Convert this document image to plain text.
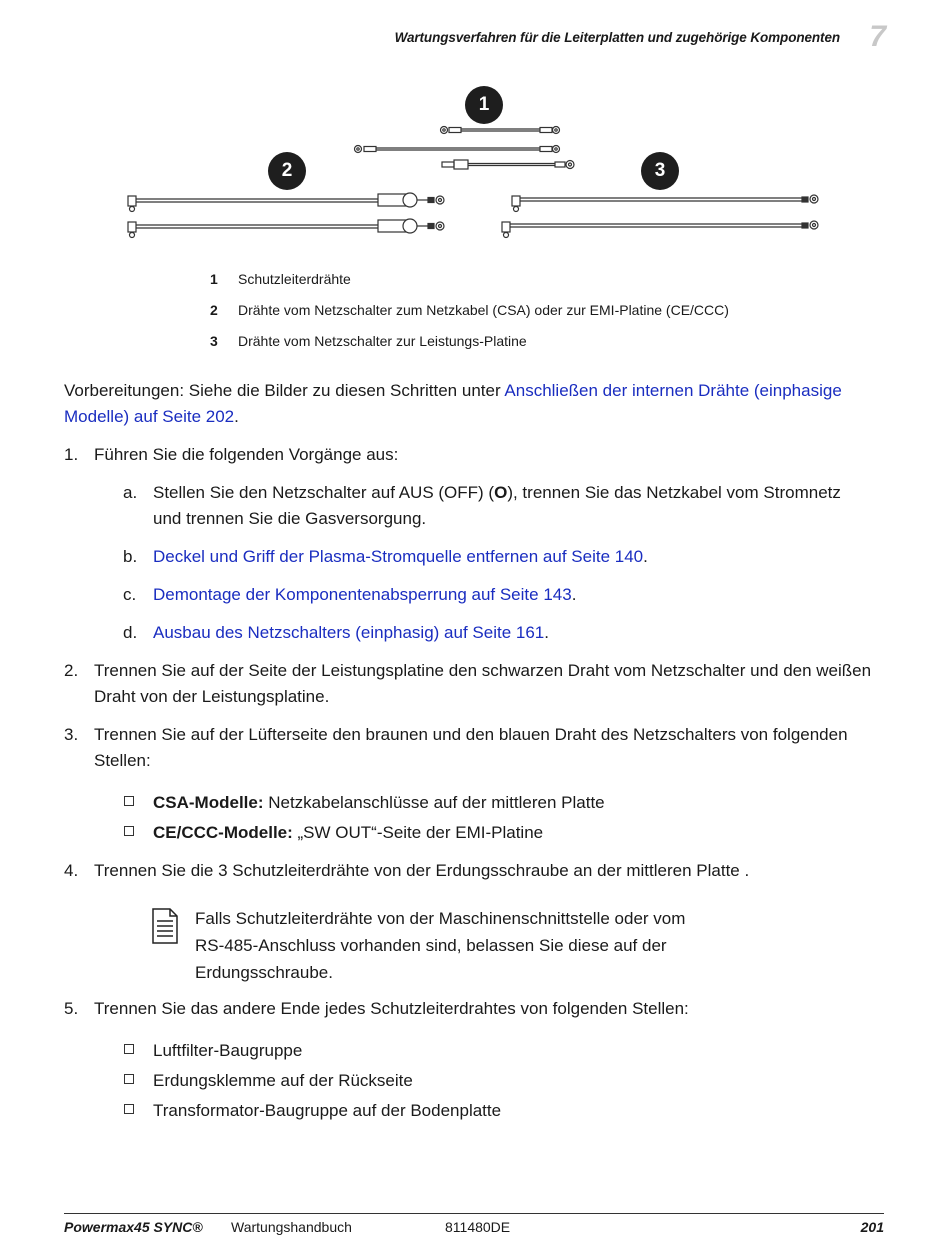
Wartungsverfahren für die Leiterplatten und zugehörige Komponenten 7
1
2	3
1 Schutzleiterdrähte
2 Drähte vom Netzschalter zum Netzkabel (CSA) oder zur EMI-Platine (CE/CCC)
3 Drähte vom Netzschalter zur Leistungs-Platine
Vorbereitungen: Siehe die Bilder zu diesen Schritten unter Anschließen der internen Drähte (einphasige
Modelle) auf Seite 202.
1. Führen Sie die folgenden Vorgänge aus:
a. Stellen Sie den Netzschalter auf AUS (OFF) (O), trennen Sie das Netzkabel vom Stromnetz und trennen Sie die Gasversorgung.
b. Deckel und Griff der Plasma-Stromquelle entfernen auf Seite 140.
c. Demontage der Komponentenabsperrung auf Seite 143.
d. Ausbau des Netzschalters (einphasig) auf Seite 161.
2. Trennen Sie auf der Seite der Leistungsplatine den schwarzen Draht vom Netzschalter und den weißen Draht von der Leistungsplatine.
3. Trennen Sie auf der Lüfterseite den braunen und den blauen Draht des Netzschalters von folgenden Stellen:
CSA-Modelle: Netzkabelanschlüsse auf der mittleren Platte
CE/CCC-Modelle: „SW OUT“-Seite der EMI-Platine
4. Trennen Sie die 3 Schutzleiterdrähte von der Erdungsschraube an der mittleren Platte .
Falls Schutzleiterdrähte von der Maschinenschnittstelle oder vom RS-485-Anschluss vorhanden sind, belassen Sie diese auf der Erdungsschraube.
5. Trennen Sie das andere Ende jedes Schutzleiterdrahtes von folgenden Stellen:
Luftfilter-Baugruppe
Erdungsklemme auf der Rückseite
Transformator-Baugruppe auf der Bodenplatte
Powermax45 SYNC® Wartungshandbuch	811480DE	201
